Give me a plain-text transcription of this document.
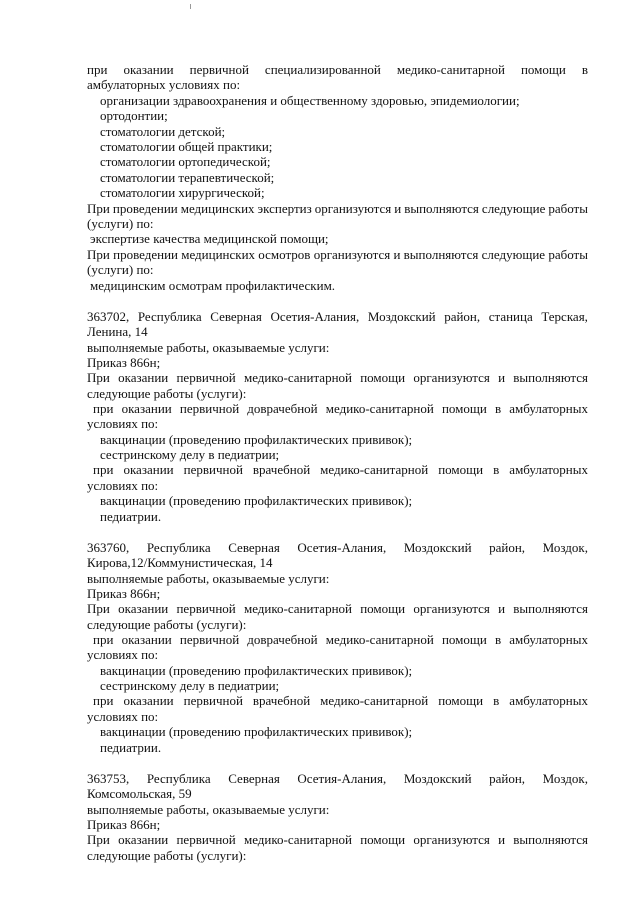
при оказании первичной специализированной медико-санитарной помощи в
амбулаторных условиях по:
организации здравоохранения и общественному здоровью, эпидемиологии;
ортодонтии;
стоматологии детской;
стоматологии общей практики;
стоматологии ортопедической;
стоматологии терапевтической;
стоматологии хирургической;
При проведении медицинских экспертиз организуются и выполняются следующие работы
(услуги) по:
экспертизе качества медицинской помощи;
При проведении медицинских осмотров организуются и выполняются следующие работы
(услуги) по:
медицинским осмотрам профилактическим.
363702, Республика Северная Осетия-Алания, Моздокский район, станица Терская,
Ленина, 14
выполняемые работы, оказываемые услуги:
Приказ 866н;
При оказании первичной медико-санитарной помощи организуются и выполняются
следующие работы (услуги):
при оказании первичной доврачебной медико-санитарной помощи в амбулаторных
условиях по:
вакцинации (проведению профилактических прививок);
сестринскому делу в педиатрии;
при оказании первичной врачебной медико-санитарной помощи в амбулаторных
условиях по:
вакцинации (проведению профилактических прививок);
педиатрии.
363760, Республика Северная Осетия-Алания, Моздокский район, Моздок,
Кирова,12/Коммунистическая, 14
выполняемые работы, оказываемые услуги:
Приказ 866н;
При оказании первичной медико-санитарной помощи организуются и выполняются
следующие работы (услуги):
при оказании первичной доврачебной медико-санитарной помощи в амбулаторных
условиях по:
вакцинации (проведению профилактических прививок);
сестринскому делу в педиатрии;
при оказании первичной врачебной медико-санитарной помощи в амбулаторных
условиях по:
вакцинации (проведению профилактических прививок);
педиатрии.
363753, Республика Северная Осетия-Алания, Моздокский район, Моздок,
Комсомольская, 59
выполняемые работы, оказываемые услуги:
Приказ 866н;
При оказании первичной медико-санитарной помощи организуются и выполняются
следующие работы (услуги):
